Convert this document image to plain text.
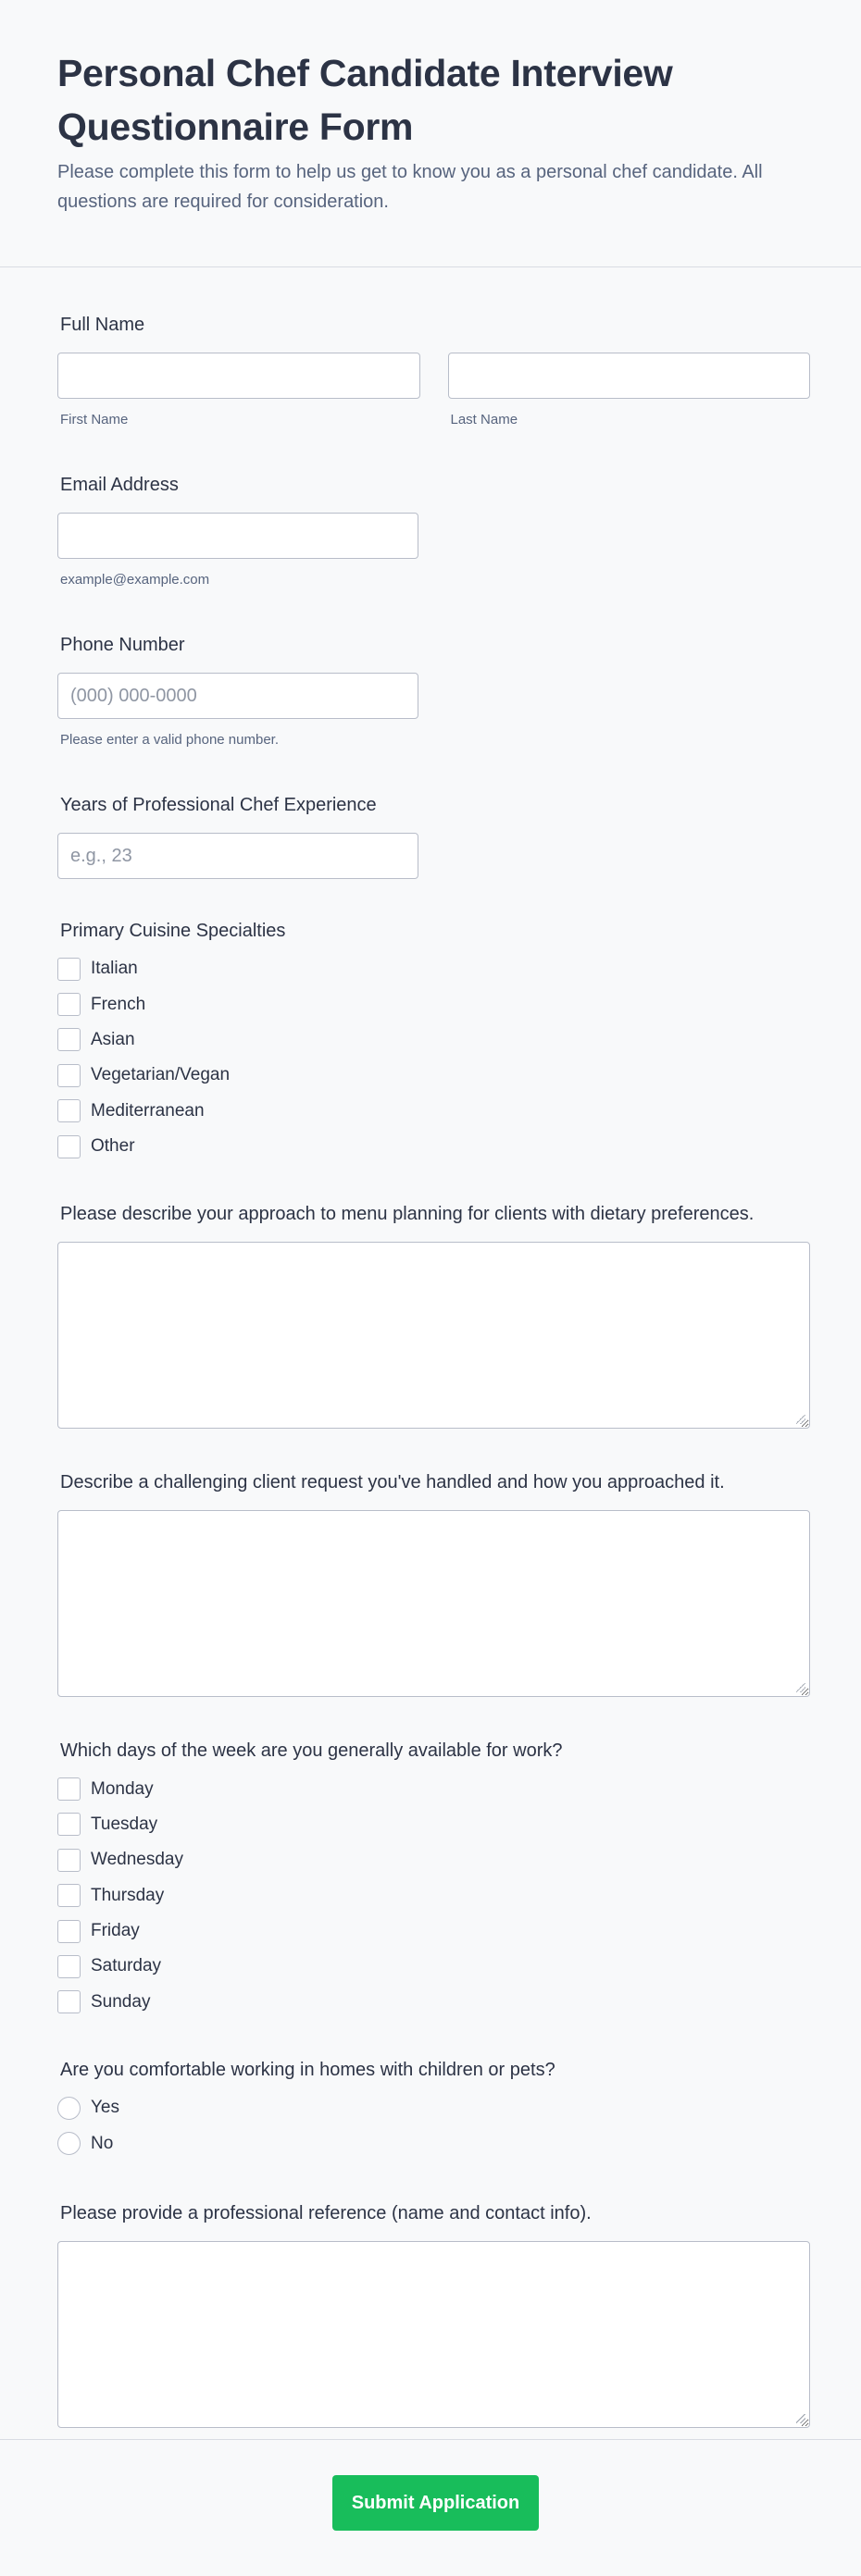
Personal Chef Candidate Interview Questionnaire Form

Please complete this form to help us get to know you as a personal chef candidate. All questions are required for consideration.

Full Name
First Name	Last Name
Email Address
example@example.com
Phone Number
(000) 000-0000
Please enter a valid phone number.
Years of Professional Chef Experience
e.g., 23
Primary Cuisine Specialties
Italian
French
Asian
Vegetarian/Vegan
Mediterranean
Other
Please describe your approach to menu planning for clients with dietary preferences.
Describe a challenging client request you've handled and how you approached it.
Which days of the week are you generally available for work?
Monday
Tuesday
Wednesday
Thursday
Friday
Saturday
Sunday
Are you comfortable working in homes with children or pets?
Yes
No
Please provide a professional reference (name and contact info).
Submit Application
